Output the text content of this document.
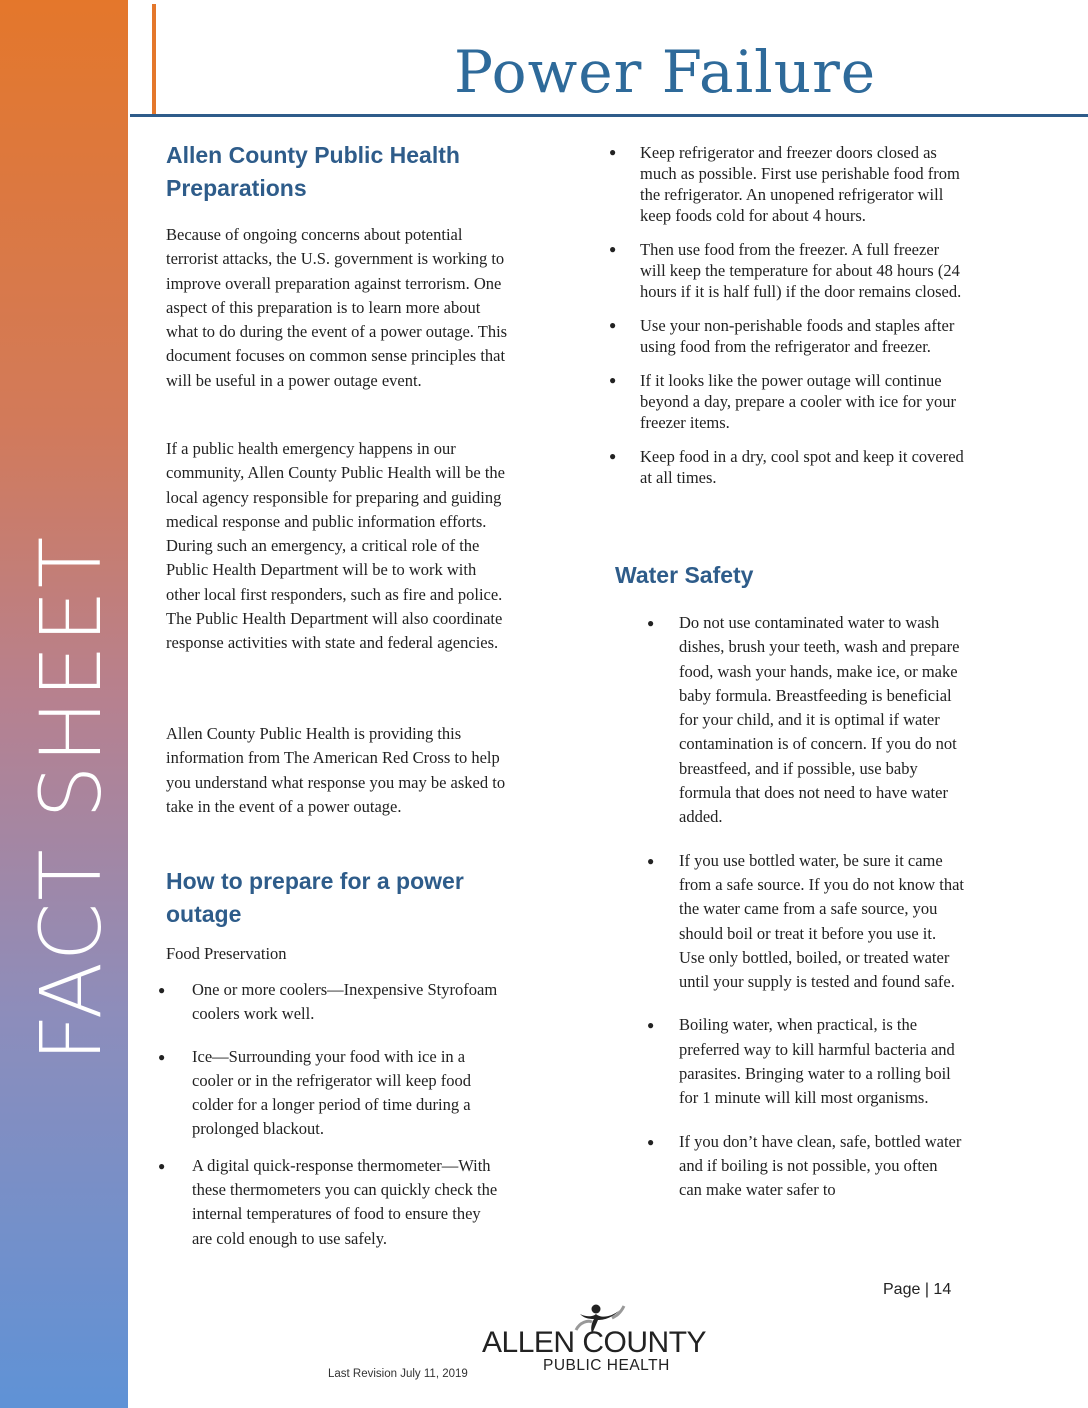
FACT SHEET
Power Failure
Allen County Public Health Preparations

Because of ongoing concerns about potential terrorist attacks, the U.S. government is working to improve overall preparation against terrorism. One aspect of this preparation is to learn more about what to do during the event of a power outage. This document focuses on common sense principles that will be useful in a power outage event.

If a public health emergency happens in our community, Allen County Public Health will be the local agency responsible for preparing and guiding medical response and public information efforts. During such an emergency, a critical role of the Public Health Department will be to work with other local first responders, such as fire and police. The Public Health Department will also coordinate response activities with state and federal agencies.

Allen County Public Health is providing this information from The American Red Cross to help you understand what response you may be asked to take in the event of a power outage.

How to prepare for a power outage

Food Preservation

● One or more coolers—Inexpensive Styrofoam coolers work well.
● Ice—Surrounding your food with ice in a cooler or in the refrigerator will keep food colder for a longer period of time during a prolonged blackout.
● A digital quick-response thermometer—With these thermometers you can quickly check the internal temperatures of food to ensure they are cold enough to use safely.
● Keep refrigerator and freezer doors closed as much as possible. First use perishable food from the refrigerator. An unopened refrigerator will keep foods cold for about 4 hours.
● Then use food from the freezer. A full freezer will keep the temperature for about 48 hours (24 hours if it is half full) if the door remains closed.
● Use your non-perishable foods and staples after using food from the refrigerator and freezer.
● If it looks like the power outage will continue beyond a day, prepare a cooler with ice for your freezer items.
● Keep food in a dry, cool spot and keep it covered at all times.
Water Safety
● Do not use contaminated water to wash dishes, brush your teeth, wash and prepare food, wash your hands, make ice, or make baby formula. Breastfeeding is beneficial for your child, and it is optimal if water contamination is of concern. If you do not breastfeed, and if possible, use baby formula that does not need to have water added.
● If you use bottled water, be sure it came from a safe source. If you do not know that the water came from a safe source, you should boil or treat it before you use it. Use only bottled, boiled, or treated water until your supply is tested and found safe.
● Boiling water, when practical, is the preferred way to kill harmful bacteria and parasites. Bringing water to a rolling boil for 1 minute will kill most organisms.
● If you don’t have clean, safe, bottled water and if boiling is not possible, you often can make water safer to
Page | 14
Last Revision July 11, 2019
ALLEN COUNTY
PUBLIC HEALTH
